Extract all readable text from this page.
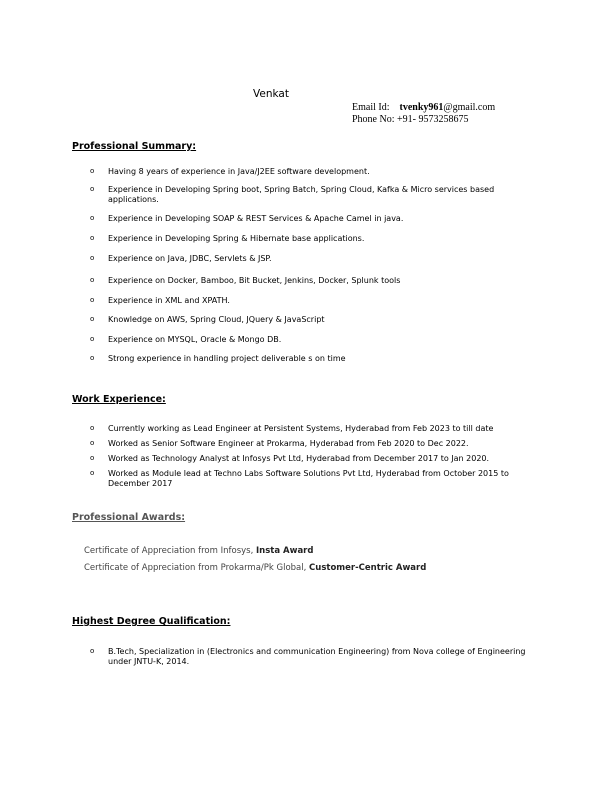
Venkat
Email Id: tvenky961@gmail.com
Phone No: +91- 9573258675
Professional Summary:
o Having 8 years of experience in Java/J2EE software development.
o Experience in Developing Spring boot, Spring Batch, Spring Cloud, Kafka & Micro services based applications.
o Experience in Developing SOAP & REST Services & Apache Camel in java.
o Experience in Developing Spring & Hibernate base applications.
o Experience on Java, JDBC, Servlets & JSP.
o Experience on Docker, Bamboo, Bit Bucket, Jenkins, Docker, Splunk tools
o Experience in XML and XPATH.
o Knowledge on AWS, Spring Cloud, JQuery & JavaScript
o Experience on MYSQL, Oracle & Mongo DB.
o Strong experience in handling project deliverable s on time
Work Experience:
o Currently working as Lead Engineer at Persistent Systems, Hyderabad from Feb 2023 to till date
o Worked as Senior Software Engineer at Prokarma, Hyderabad from Feb 2020 to Dec 2022.
o Worked as Technology Analyst at Infosys Pvt Ltd, Hyderabad from December 2017 to Jan 2020.
o Worked as Module lead at Techno Labs Software Solutions Pvt Ltd, Hyderabad from October 2015 to December 2017
Professional Awards:
Certificate of Appreciation from Infosys, Insta Award
Certificate of Appreciation from Prokarma/Pk Global, Customer-Centric Award
Highest Degree Qualification:
o B.Tech, Specialization in (Electronics and communication Engineering) from Nova college of Engineering under JNTU-K, 2014.
